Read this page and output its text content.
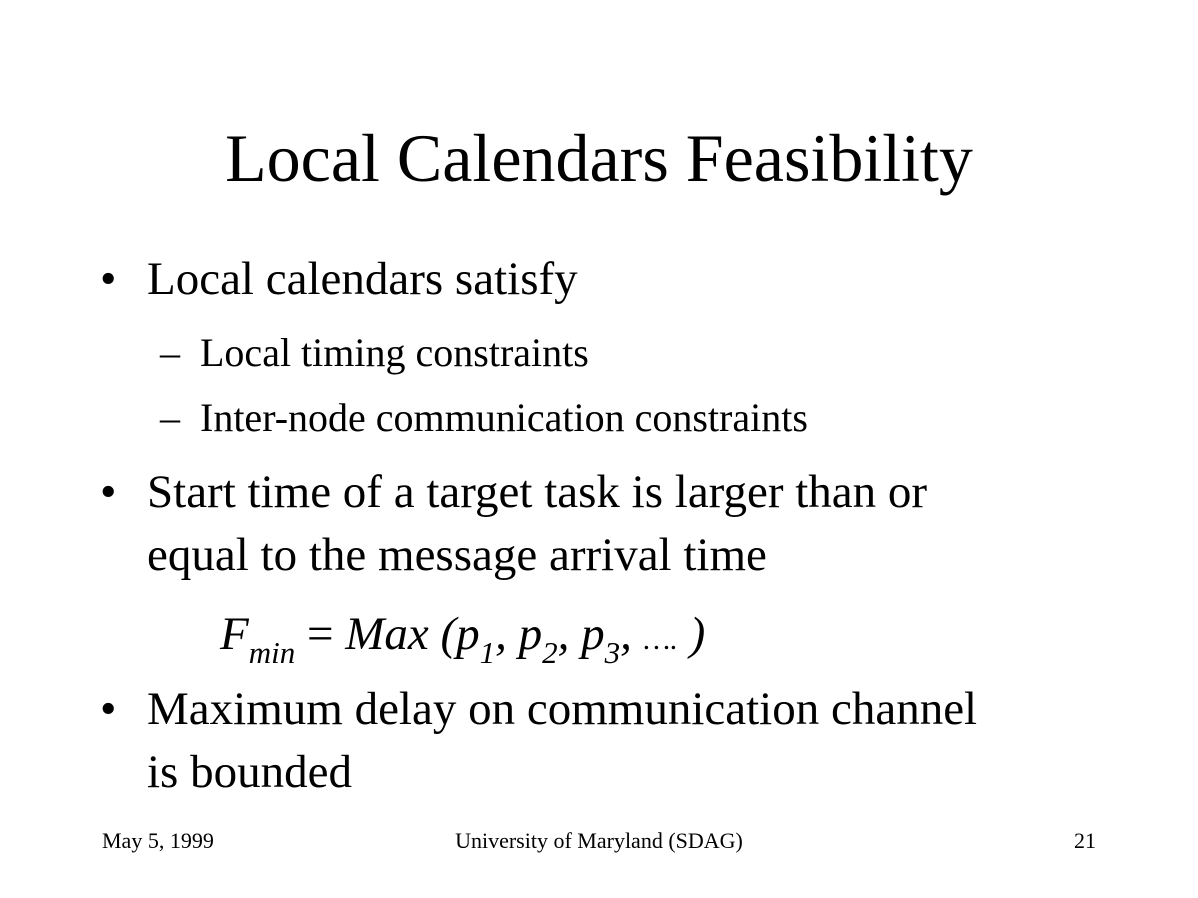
Local Calendars Feasibility
• Local calendars satisfy
– Local timing constraints
– Inter-node communication constraints
• Start time of a target task is larger than or
equal to the message arrival time
$F_{min}$ = Max ($p_1$, $p_2$, $p_3$, …. )
• Maximum delay on communication channel
is bounded
University of Maryland (SDAG)
May 5, 1999	21
